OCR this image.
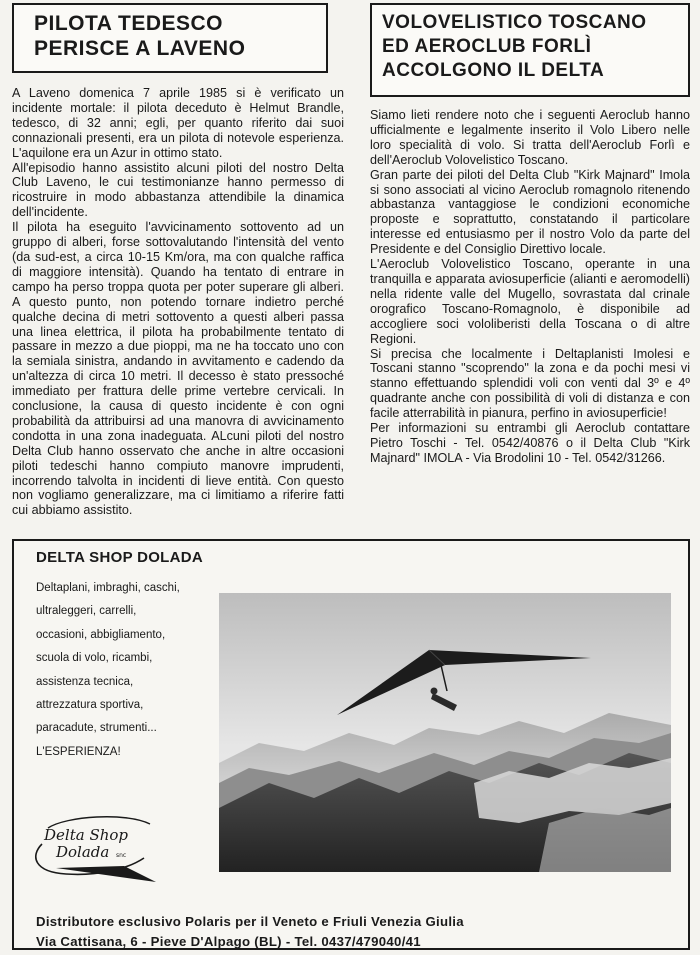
PILOTA TEDESCO
PERISCE A LAVENO

A Laveno domenica 7 aprile 1985 si è verificato un incidente mortale: il pilota deceduto è Helmut Brandle, tedesco, di 32 anni; egli, per quanto riferito dai suoi connazionali presenti, era un pilota di notevole esperienza. L'aquilone era un Azur in ottimo stato.

All'episodio hanno assistito alcuni piloti del nostro Delta Club Laveno, le cui testimonianze hanno permesso di ricostruire in modo abbastanza attendibile la dinamica dell'incidente.

Il pilota ha eseguito l'avvicinamento sottovento ad un gruppo di alberi, forse sottovalutando l'intensità del vento (da sud-est, a circa 10-15 Km/ora, ma con qualche raffica di maggiore intensità). Quando ha tentato di entrare in campo ha perso troppa quota per poter superare gli alberi. A questo punto, non potendo tornare indietro perché qualche decina di metri sottovento a questi alberi passa una linea elettrica, il pilota ha probabilmente tentato di passare in mezzo a due pioppi, ma ne ha toccato uno con la semiala sinistra, andando in avvitamento e cadendo da un'altezza di circa 10 metri. Il decesso è stato pressoché immediato per frattura delle prime vertebre cervicali. In conclusione, la causa di questo incidente è con ogni probabilità da attribuirsi ad una manovra di avvicinamento condotta in una zona inadeguata. ALcuni piloti del nostro Delta Club hanno osservato che anche in altre occasioni piloti tedeschi hanno compiuto manovre imprudenti, incorrendo talvolta in incidenti di lieve entità. Con questo non vogliamo generalizzare, ma ci limitiamo a riferire fatti cui abbiamo assistito.

VOLOVELISTICO TOSCANO
ED AEROCLUB FORLÌ
ACCOLGONO IL DELTA

Siamo lieti rendere noto che i seguenti Aeroclub hanno ufficialmente e legalmente inserito il Volo Libero nelle loro specialità di volo. Si tratta dell'Aeroclub Forlì e dell'Aeroclub Volovelistico Toscano.

Gran parte dei piloti del Delta Club "Kirk Majnard" Imola si sono associati al vicino Aeroclub romagnolo ritenendo abbastanza vantaggiose le condizioni economiche proposte e soprattutto, constatando il particolare interesse ed entusiasmo per il nostro Volo da parte del Presidente e del Consiglio Direttivo locale.

L'Aeroclub Volovelistico Toscano, operante in una tranquilla e apparata aviosuperficie (alianti e aeromodelli) nella ridente valle del Mugello, sovrastata dal crinale orografico Toscano-Romagnolo, è disponibile ad accogliere soci vololiberisti della Toscana o di altre Regioni.

Si precisa che localmente i Deltaplanisti Imolesi e Toscani stanno "scoprendo" la zona e da pochi mesi vi stanno effettuando splendidi voli con venti dal 3º e 4º quadrante anche con possibilità di voli di distanza e con facile atterrabilità in pianura, perfino in aviosuperficie!

Per informazioni su entrambi gli Aeroclub contattare Pietro Toschi - Tel. 0542/40876 o il Delta Club "Kirk Majnard" IMOLA - Via Brodolini 10 - Tel. 0542/31266.

DELTA SHOP DOLADA
Deltaplani, imbraghi, caschi,
ultraleggeri, carrelli,
occasioni, abbigliamento,
scuola di volo, ricambi,
assistenza tecnica,
attrezzatura sportiva,
paracadute, strumenti...
L'ESPERIENZA!
Delta Shop
Dolada snc
Distributore esclusivo Polaris per il Veneto e Friuli Venezia Giulia
Via Cattisana, 6 - Pieve D'Alpago (BL) - Tel. 0437/479040/41
